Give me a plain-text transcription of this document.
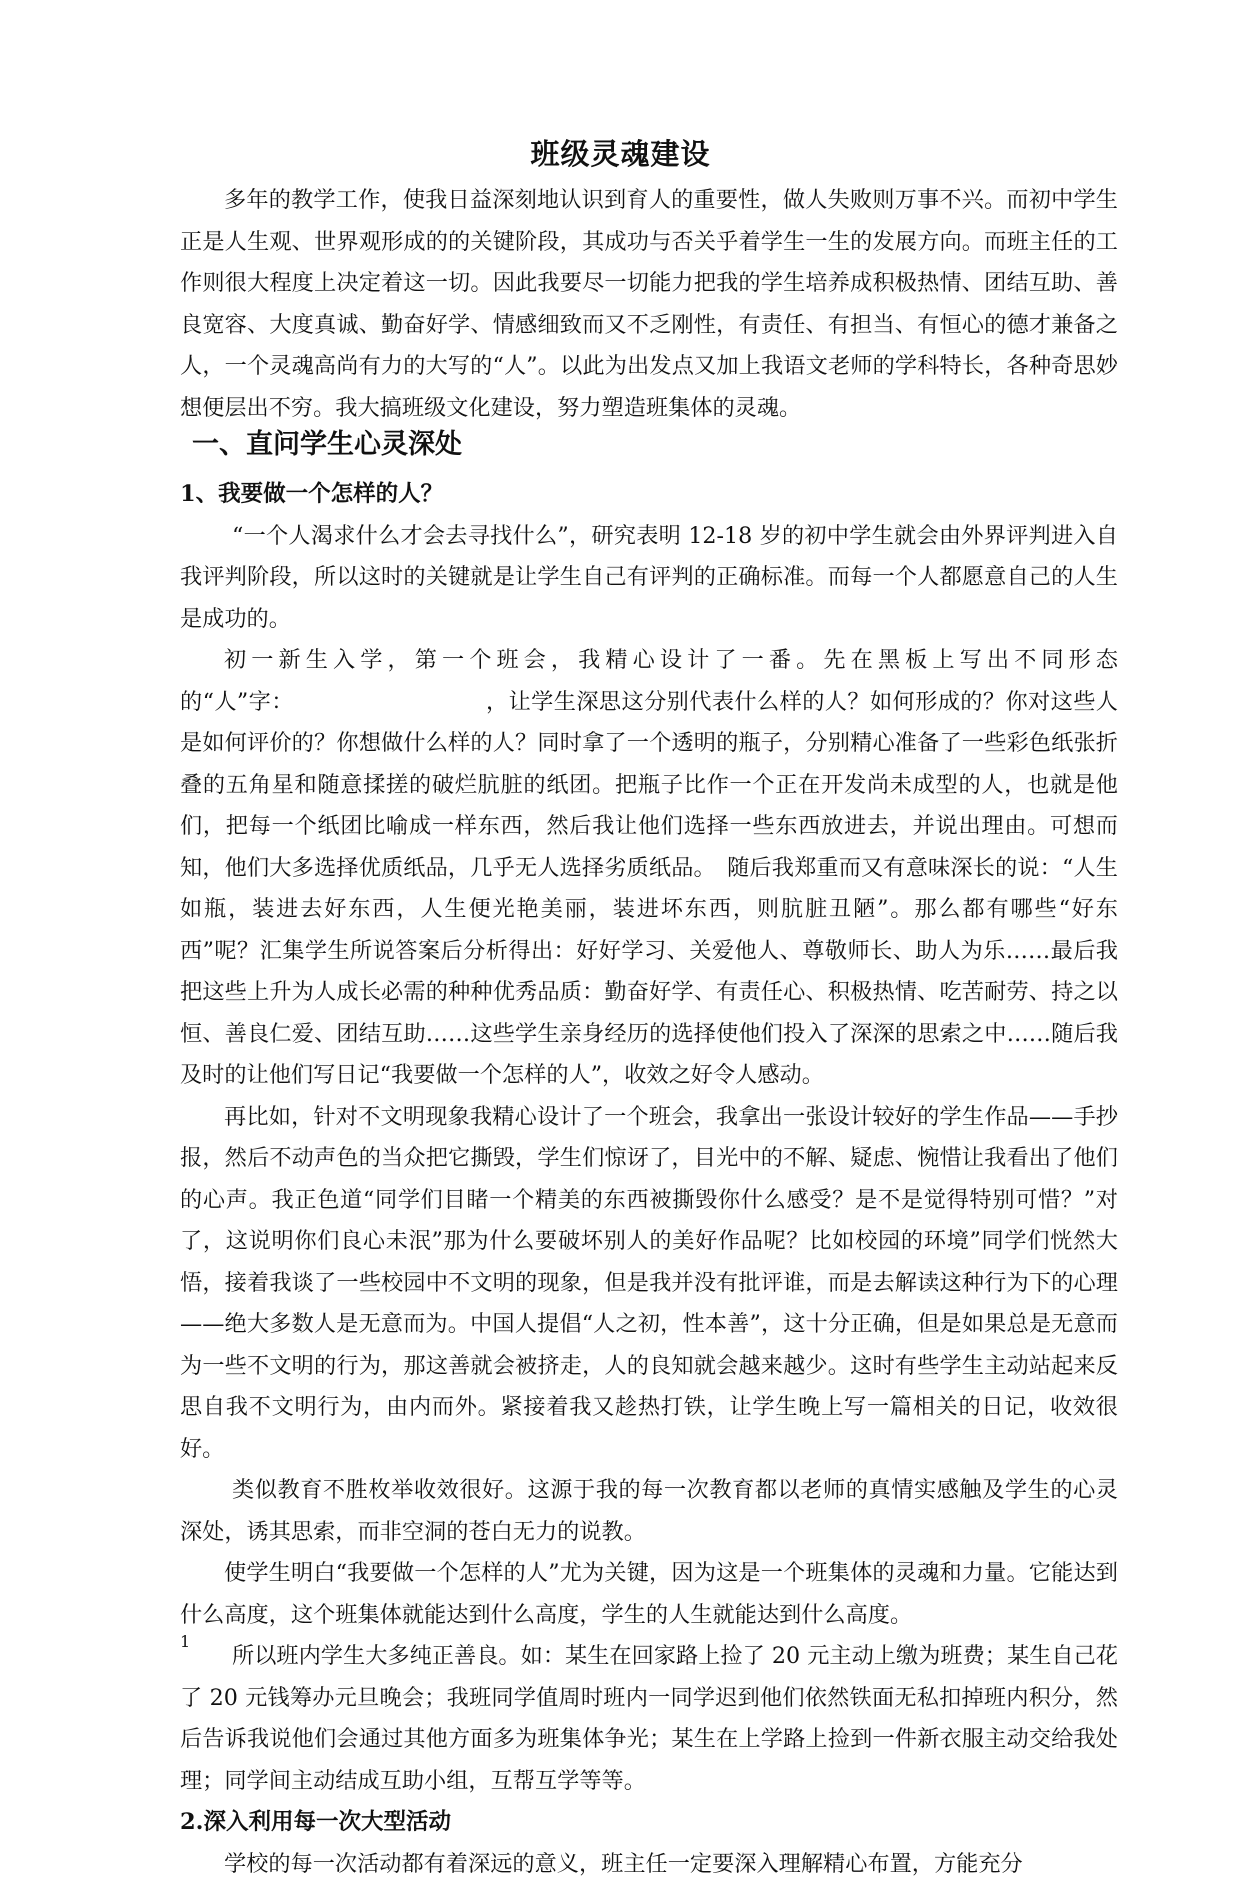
班级灵魂建设

多年的教学工作，使我日益深刻地认识到育人的重要性，做人失败则万事不兴。而初中学生正是人生观、世界观形成的的关键阶段，其成功与否关乎着学生一生的发展方向。而班主任的工作则很大程度上决定着这一切。因此我要尽一切能力把我的学生培养成积极热情、团结互助、善良宽容、大度真诚、勤奋好学、情感细致而又不乏刚性，有责任、有担当、有恒心的德才兼备之人，一个灵魂高尚有力的大写的“人”。以此为出发点又加上我语文老师的学科特长，各种奇思妙想便层出不穷。我大搞班级文化建设，努力塑造班集体的灵魂。

一、直问学生心灵深处
1、我要做一个怎样的人？

“一个人渴求什么才会去寻找什么”，研究表明 12-18 岁的初中学生就会由外界评判进入自我评判阶段，所以这时的关键就是让学生自己有评判的正确标准。而每一个人都愿意自己的人生是成功的。

初一新生入学，第一个班会，我精心设计了一番。先在黑板上写出不同形态的“人”字：　　　　　　　　　，让学生深思这分别代表什么样的人？如何形成的？你对这些人是如何评价的？你想做什么样的人？同时拿了一个透明的瓶子，分别精心准备了一些彩色纸张折叠的五角星和随意揉搓的破烂肮脏的纸团。把瓶子比作一个正在开发尚未成型的人，也就是他们，把每一个纸团比喻成一样东西，然后我让他们选择一些东西放进去，并说出理由。可想而知，他们大多选择优质纸品，几乎无人选择劣质纸品。　随后我郑重而又有意味深长的说：“人生如瓶，装进去好东西，人生便光艳美丽，装进坏东西，则肮脏丑陋”。那么都有哪些“好东西”呢？汇集学生所说答案后分析得出：好好学习、关爱他人、尊敬师长、助人为乐……最后我把这些上升为人成长必需的种种优秀品质：勤奋好学、有责任心、积极热情、吃苦耐劳、持之以恒、善良仁爱、团结互助……这些学生亲身经历的选择使他们投入了深深的思索之中……随后我及时的让他们写日记“我要做一个怎样的人”，收效之好令人感动。

再比如，针对不文明现象我精心设计了一个班会，我拿出一张设计较好的学生作品——手抄报，然后不动声色的当众把它撕毁，学生们惊讶了，目光中的不解、疑虑、惋惜让我看出了他们的心声。我正色道“同学们目睹一个精美的东西被撕毁你什么感受？是不是觉得特别可惜？”对了，这说明你们良心未泯”那为什么要破坏别人的美好作品呢？比如校园的环境”同学们恍然大悟，接着我谈了一些校园中不文明的现象，但是我并没有批评谁，而是去解读这种行为下的心理——绝大多数人是无意而为。中国人提倡“人之初，性本善”，这十分正确，但是如果总是无意而为一些不文明的行为，那这善就会被挤走，人的良知就会越来越少。这时有些学生主动站起来反思自我不文明行为，由内而外。紧接着我又趁热打铁，让学生晚上写一篇相关的日记，收效很好。

类似教育不胜枚举收效很好。这源于我的每一次教育都以老师的真情实感触及学生的心灵深处，诱其思索，而非空洞的苍白无力的说教。

使学生明白“我要做一个怎样的人”尤为关键，因为这是一个班集体的灵魂和力量。它能达到什么高度，这个班集体就能达到什么高度，学生的人生就能达到什么高度。

所以班内学生大多纯正善良。如：某生在回家路上捡了 20 元主动上缴为班费；某生自己花了 20 元钱筹办元旦晚会；我班同学值周时班内一同学迟到他们依然铁面无私扣掉班内积分，然后告诉我说他们会通过其他方面多为班集体争光；某生在上学路上捡到一件新衣服主动交给我处理；同学间主动结成互助小组，互帮互学等等。

2.深入利用每一次大型活动

学校的每一次活动都有着深远的意义，班主任一定要深入理解精心布置，方能充分

1
